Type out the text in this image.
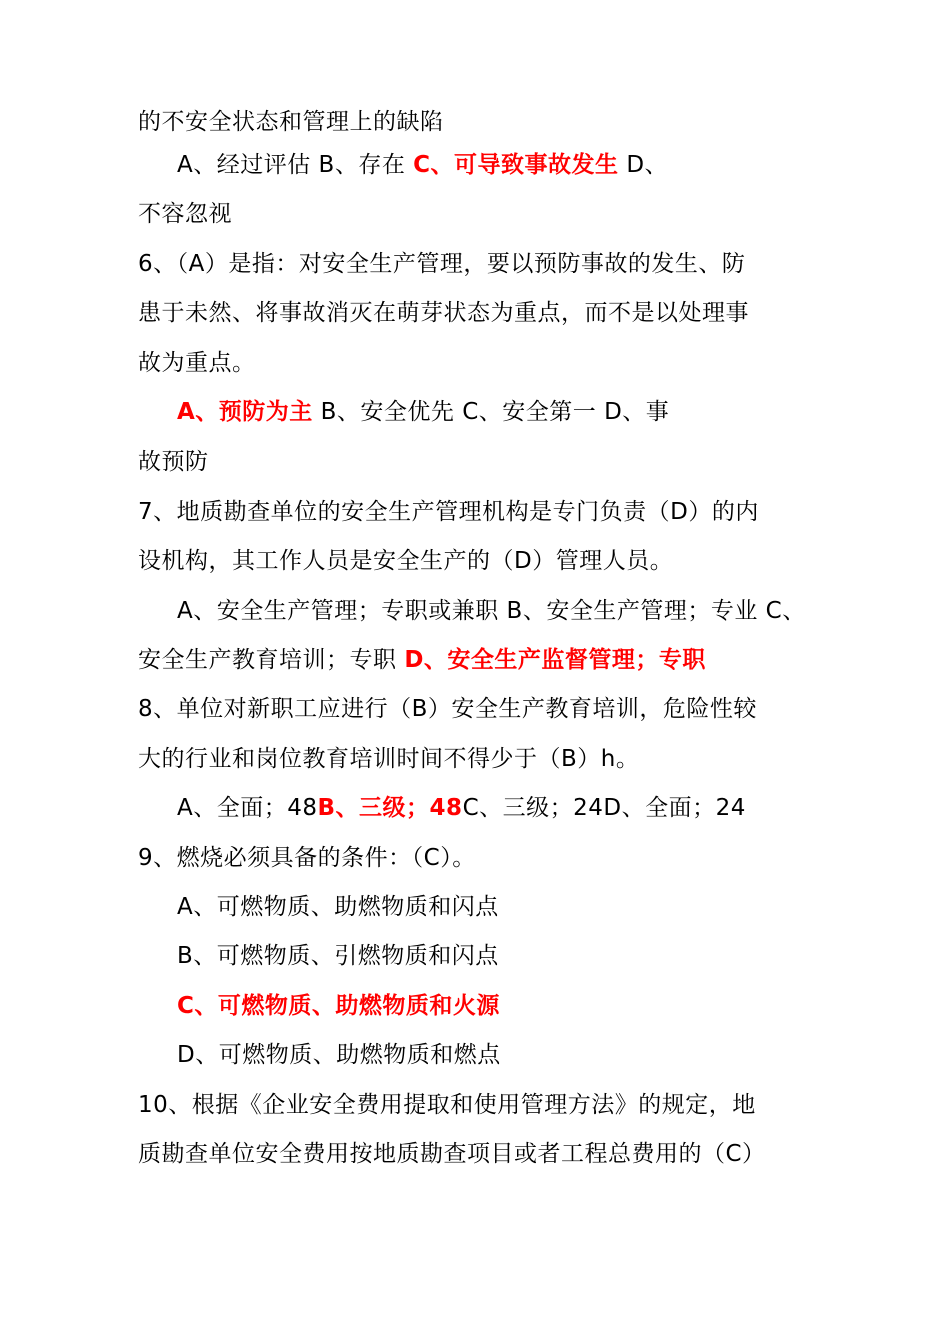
的不安全状态和管理上的缺陷
A、经过评估 B、存在 C、可导致事故发生 D、
不容忽视
6、（A）是指：对安全生产管理，要以预防事故的发生、防
患于未然、将事故消灭在萌芽状态为重点，而不是以处理事
故为重点。
A、预防为主 B、安全优先 C、安全第一 D、事
故预防
7、地质勘查单位的安全生产管理机构是专门负责（D）的内
设机构，其工作人员是安全生产的（D）管理人员。
A、安全生产管理；专职或兼职 B、安全生产管理；专业 C、
安全生产教育培训；专职 D、安全生产监督管理；专职
8、单位对新职工应进行（B）安全生产教育培训，危险性较
大的行业和岗位教育培训时间不得少于（B）h。
A、全面；48B、三级；48C、三级；24D、全面；24
9、燃烧必须具备的条件：（C）。
A、可燃物质、助燃物质和闪点
B、可燃物质、引燃物质和闪点
C、可燃物质、助燃物质和火源
D、可燃物质、助燃物质和燃点
10、根据《企业安全费用提取和使用管理方法》的规定，地
质勘查单位安全费用按地质勘查项目或者工程总费用的（C）
